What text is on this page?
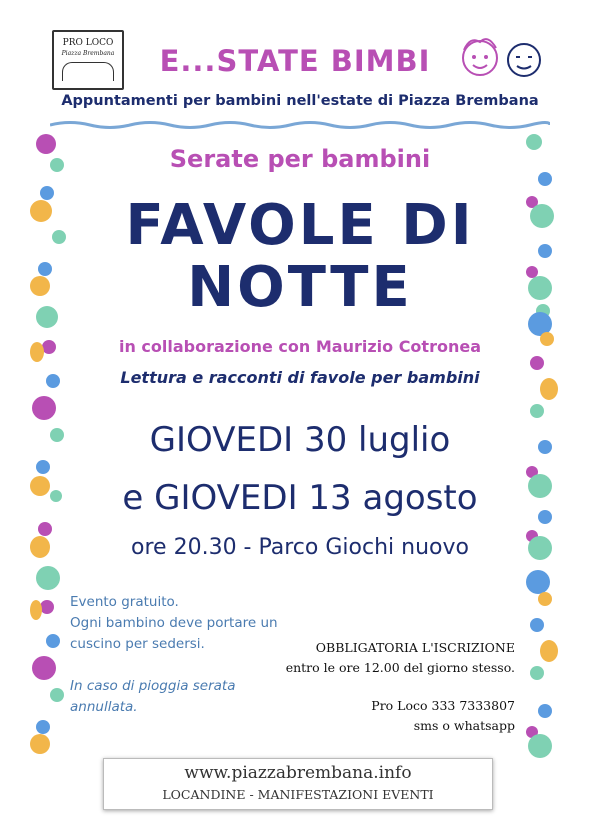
PRO LOCO
Piazza Brembana	E...STATE BIMBI
Appuntamenti per bambini nell'estate di Piazza Brembana
Serate per bambini
FAVOLE DI
NOTTE
in collaborazione con Maurizio Cotronea
Lettura e racconti di favole per bambini
GIOVEDI 30 luglio
e GIOVEDI 13 agosto
ore 20.30 - Parco Giochi nuovo
Evento gratuito.
Ogni bambino deve portare un
cuscino per sedersi.
In caso di pioggia serata
annullata.
OBBLIGATORIA L'ISCRIZIONE
entro le ore 12.00 del giorno stesso.
Pro Loco 333 7333807
sms o whatsapp
www.piazzabrembana.info
LOCANDINE - MANIFESTAZIONI EVENTI
